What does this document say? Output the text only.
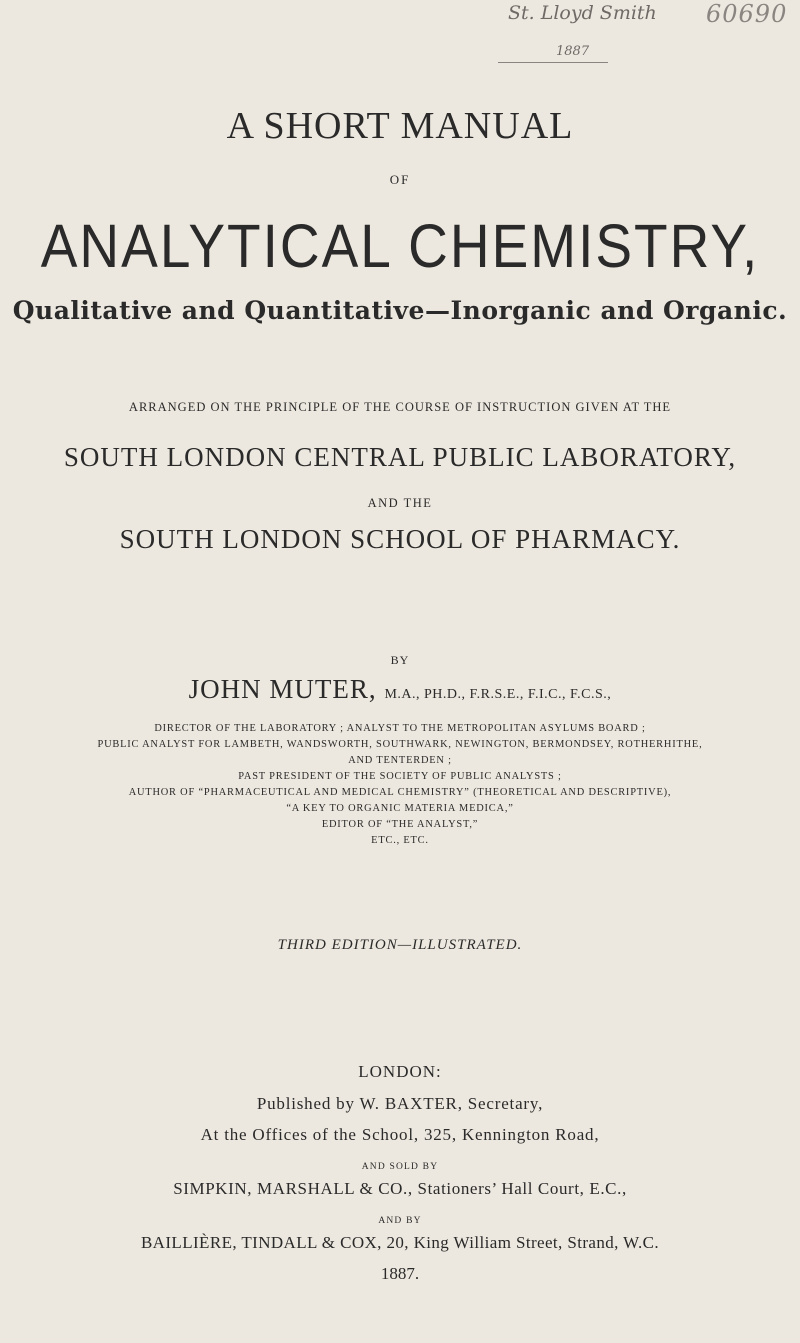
St. Lloyd Smith
1887
60690
A SHORT MANUAL
OF
ANALYTICAL CHEMISTRY,
Qualitative and Quantitative—Inorganic and Organic.
ARRANGED ON THE PRINCIPLE OF THE COURSE OF INSTRUCTION GIVEN AT THE
SOUTH LONDON CENTRAL PUBLIC LABORATORY,
AND THE
SOUTH LONDON SCHOOL OF PHARMACY.
BY
JOHN MUTER, M.A., PH.D., F.R.S.E., F.I.C., F.C.S.,
DIRECTOR OF THE LABORATORY ; ANALYST TO THE METROPOLITAN ASYLUMS BOARD ;
PUBLIC ANALYST FOR LAMBETH, WANDSWORTH, SOUTHWARK, NEWINGTON, BERMONDSEY, ROTHERHITHE,
AND TENTERDEN ;
PAST PRESIDENT OF THE SOCIETY OF PUBLIC ANALYSTS ;
AUTHOR OF “PHARMACEUTICAL AND MEDICAL CHEMISTRY” (THEORETICAL AND DESCRIPTIVE),
“A KEY TO ORGANIC MATERIA MEDICA,”
EDITOR OF “THE ANALYST,”
ETC., ETC.
THIRD EDITION—ILLUSTRATED.
LONDON:
Published by W. BAXTER, Secretary,
At the Offices of the School, 325, Kennington Road,
AND SOLD BY
SIMPKIN, MARSHALL & CO., Stationers’ Hall Court, E.C.,
AND BY
BAILLIÈRE, TINDALL & COX, 20, King William Street, Strand, W.C.
1887.
